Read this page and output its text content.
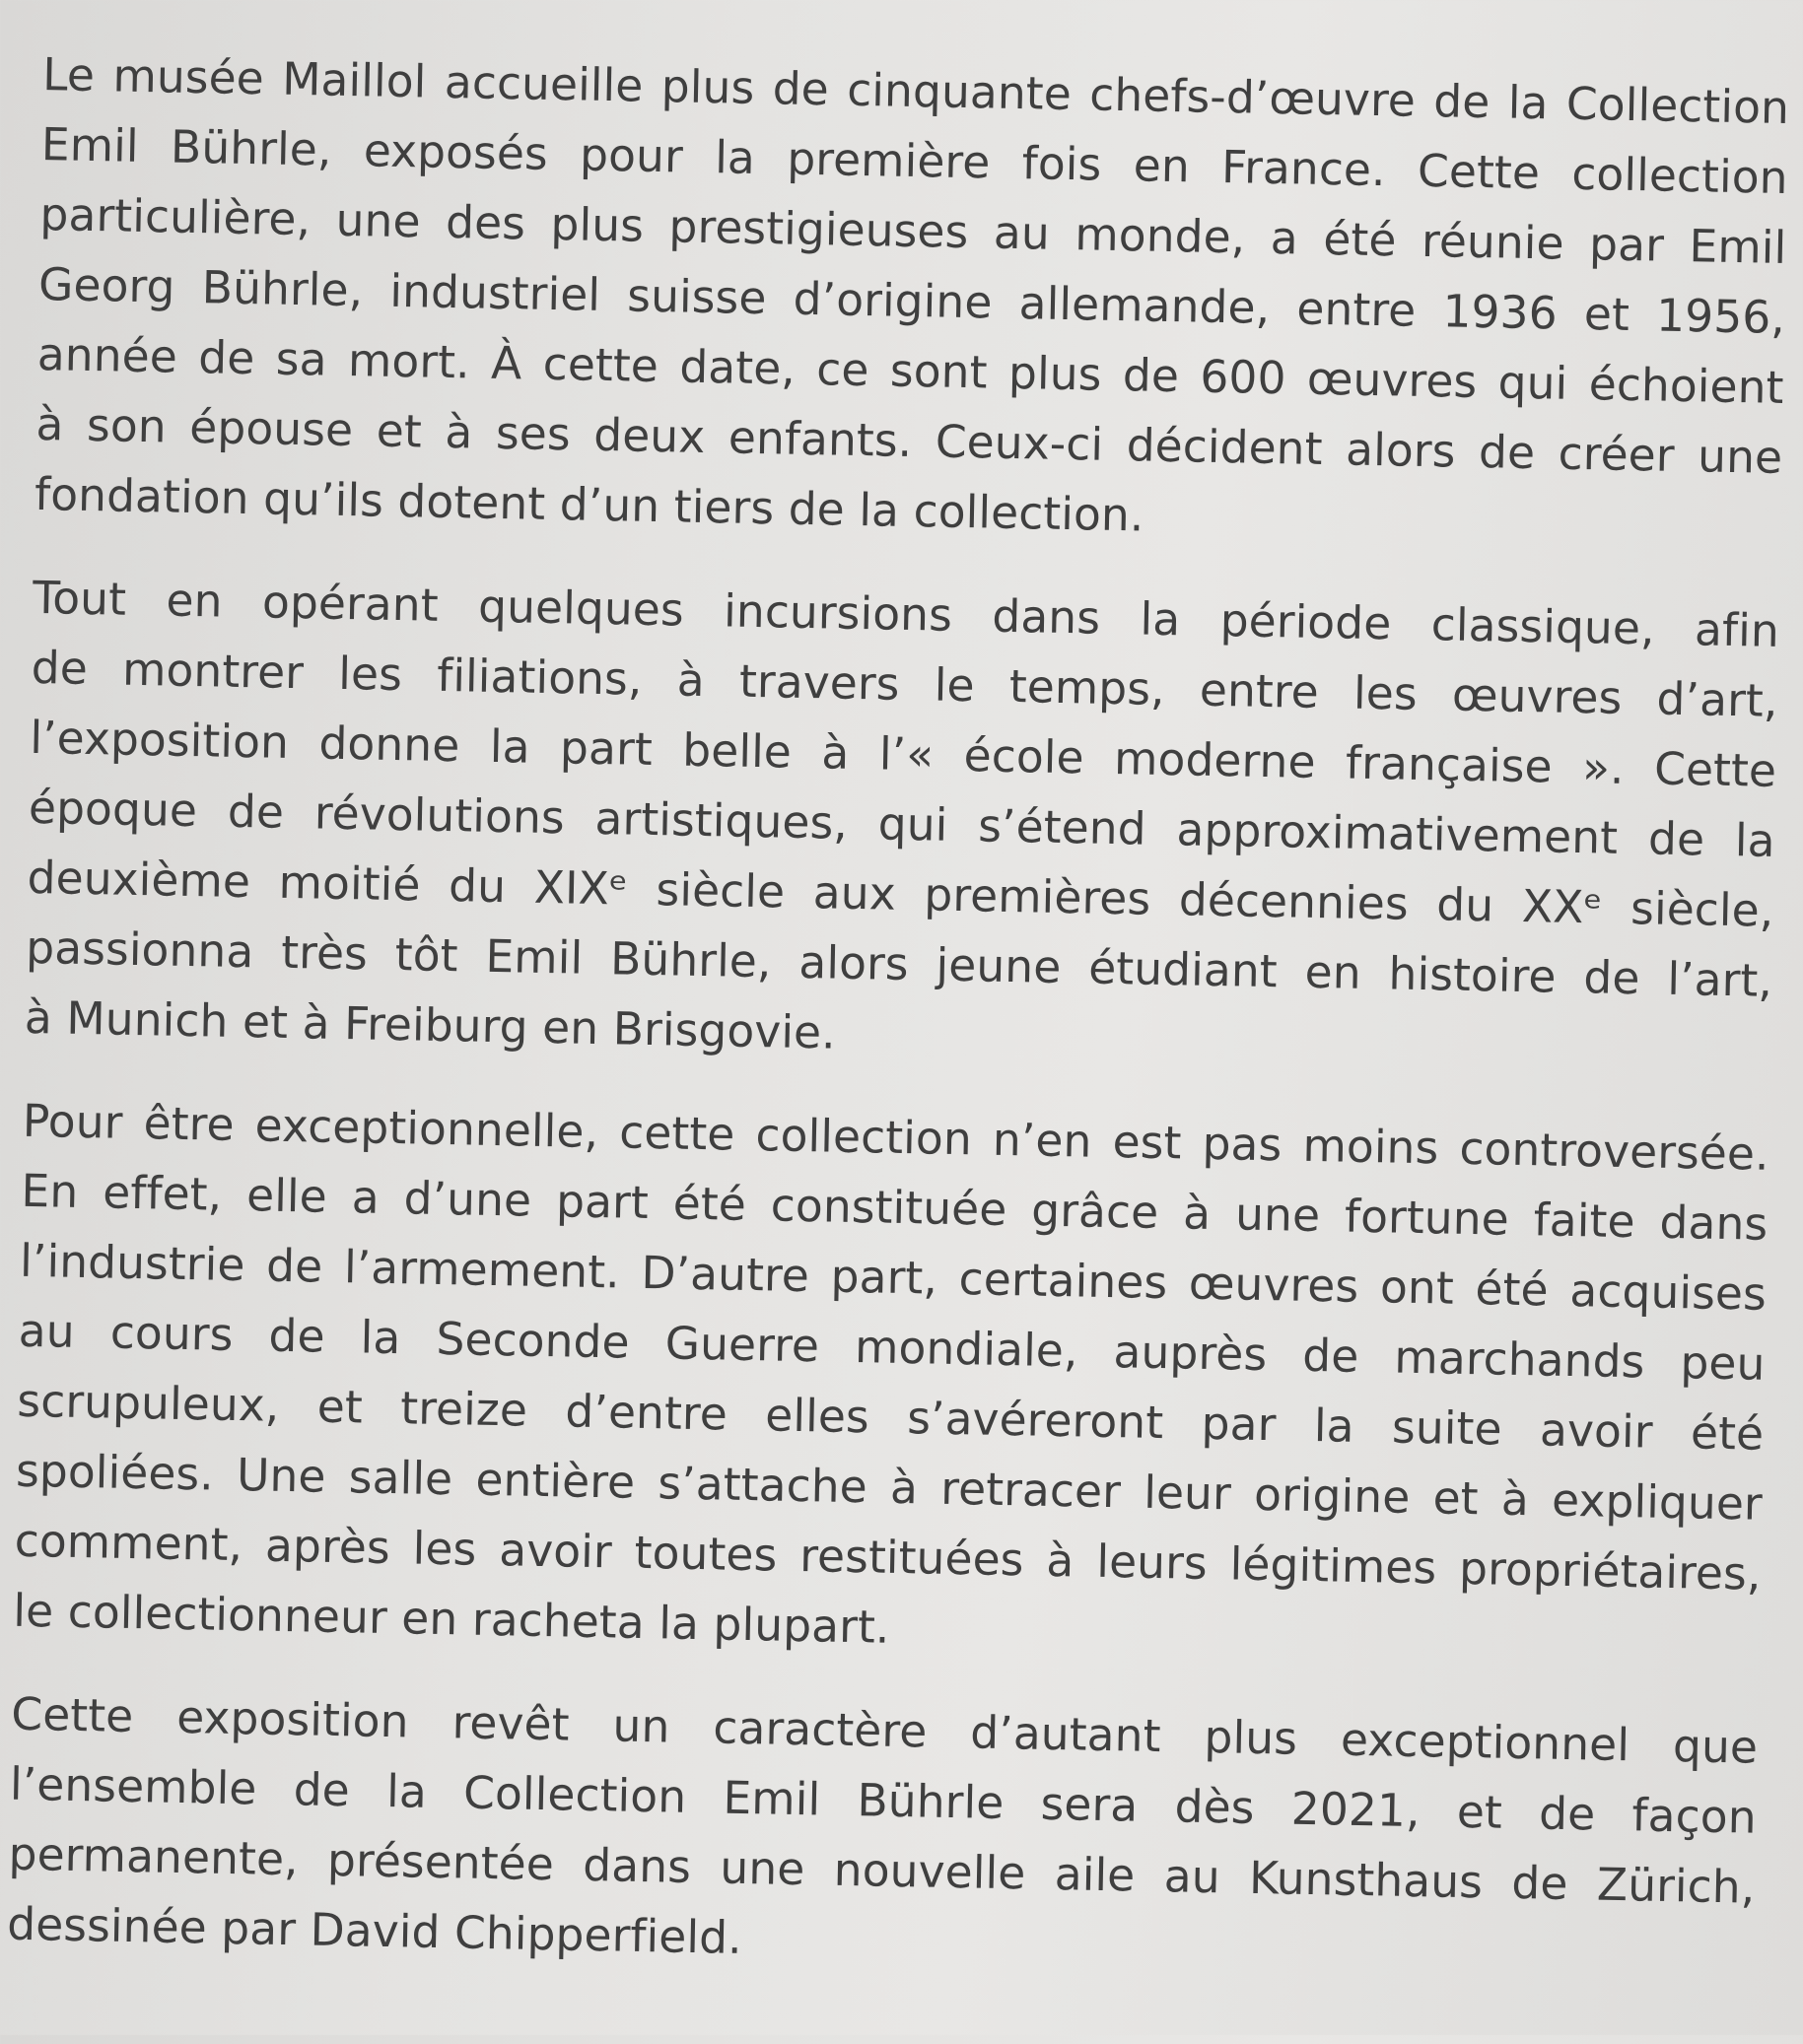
Le musée Maillol accueille plus de cinquante chefs-d’œuvre de la Collection
Emil Bührle, exposés pour la première fois en France. Cette collection
particulière, une des plus prestigieuses au monde, a été réunie par Emil
Georg Bührle, industriel suisse d’origine allemande, entre 1936 et 1956,
année de sa mort. À cette date, ce sont plus de 600 œuvres qui échoient
à son épouse et à ses deux enfants. Ceux-ci décident alors de créer une
fondation qu’ils dotent d’un tiers de la collection.
Tout en opérant quelques incursions dans la période classique, afin
de montrer les filiations, à travers le temps, entre les œuvres d’art,
l’exposition donne la part belle à l’« école moderne française ». Cette
époque de révolutions artistiques, qui s’étend approximativement de la
deuxième moitié du XIXᵉ siècle aux premières décennies du XXᵉ siècle,
passionna très tôt Emil Bührle, alors jeune étudiant en histoire de l’art,
à Munich et à Freiburg en Brisgovie.
Pour être exceptionnelle, cette collection n’en est pas moins controversée.
En effet, elle a d’une part été constituée grâce à une fortune faite dans
l’industrie de l’armement. D’autre part, certaines œuvres ont été acquises
au cours de la Seconde Guerre mondiale, auprès de marchands peu
scrupuleux, et treize d’entre elles s’avéreront par la suite avoir été
spoliées. Une salle entière s’attache à retracer leur origine et à expliquer
comment, après les avoir toutes restituées à leurs légitimes propriétaires,
le collectionneur en racheta la plupart.
Cette exposition revêt un caractère d’autant plus exceptionnel que
l’ensemble de la Collection Emil Bührle sera dès 2021, et de façon
permanente, présentée dans une nouvelle aile au Kunsthaus de Zürich,
dessinée par David Chipperfield.
